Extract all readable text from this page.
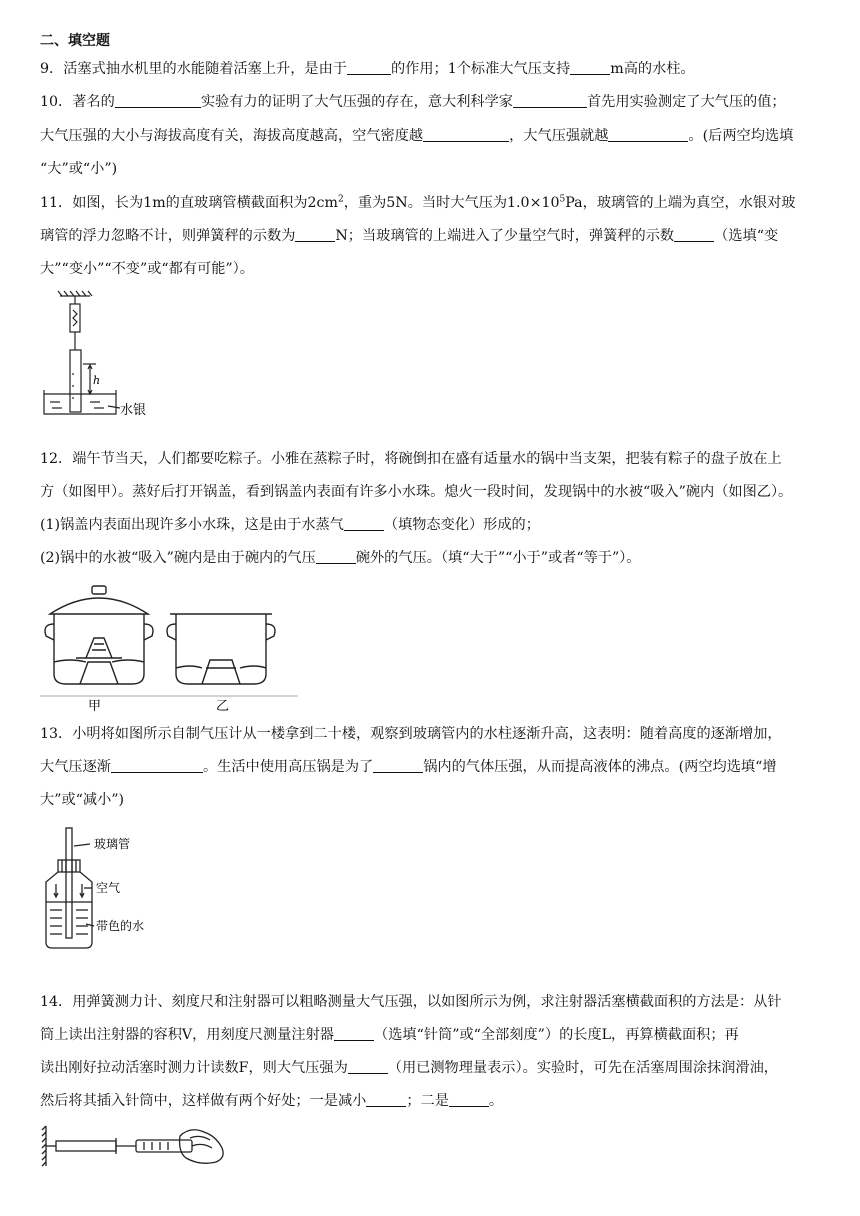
二、填空题
9．活塞式抽水机里的水能随着活塞上升，是由于	的作用；1个标准大气压支持	m高的水柱。
10．著名的	实验有力的证明了大气压强的存在，意大利科学家	首先用实验测定了大气压的值；
大气压强的大小与海拔高度有关，海拔高度越高，空气密度越	，大气压强就越	。(后两空均选填
“大”或“小”)
11．如图，长为1m的直玻璃管横截面积为$2cm^2$，重为5N。当时大气压为$1.0\times 10^5Pa$，玻璃管的上端为真空，水银对玻
璃管的浮力忽略不计，则弹簧秤的示数为	N；当玻璃管的上端进入了少量空气时，弹簧秤的示数	（选填“变
大”“变小”“不变”或“都有可能”）。
h
水银
12．端午节当天，人们都要吃粽子。小雅在蒸粽子时，将碗倒扣在盛有适量水的锅中当支架，把装有粽子的盘子放在上
方（如图甲）。蒸好后打开锅盖，看到锅盖内表面有许多小水珠。熄火一段时间，发现锅中的水被“吸入”碗内（如图乙）。
(1)锅盖内表面出现许多小水珠，这是由于水蒸气	（填物态变化）形成的；
(2)锅中的水被“吸入”碗内是由于碗内的气压	碗外的气压。（填“大于”“小于”或者“等于”）。
甲	乙
13．小明将如图所示自制气压计从一楼拿到二十楼，观察到玻璃管内的水柱逐渐升高，这表明：随着高度的逐渐增加，
大气压逐渐	。生活中使用高压锅是为了	锅内的气体压强，从而提高液体的沸点。(两空均选填“增
大”或“减小”)
玻璃管
空气
带色的水
14．用弹簧测力计、刻度尺和注射器可以粗略测量大气压强，以如图所示为例，求注射器活塞横截面积的方法是：从针
筒上读出注射器的容积V，用刻度尺测量注射器	（选填“针筒”或“全部刻度”）的长度L，再算横截面积；再
读出刚好拉动活塞时测力计读数F，则大气压强为	（用已测物理量表示）。实验时，可先在活塞周围涂抹润滑油，
然后将其插入针筒中，这样做有两个好处；一是减小	；二是	。
